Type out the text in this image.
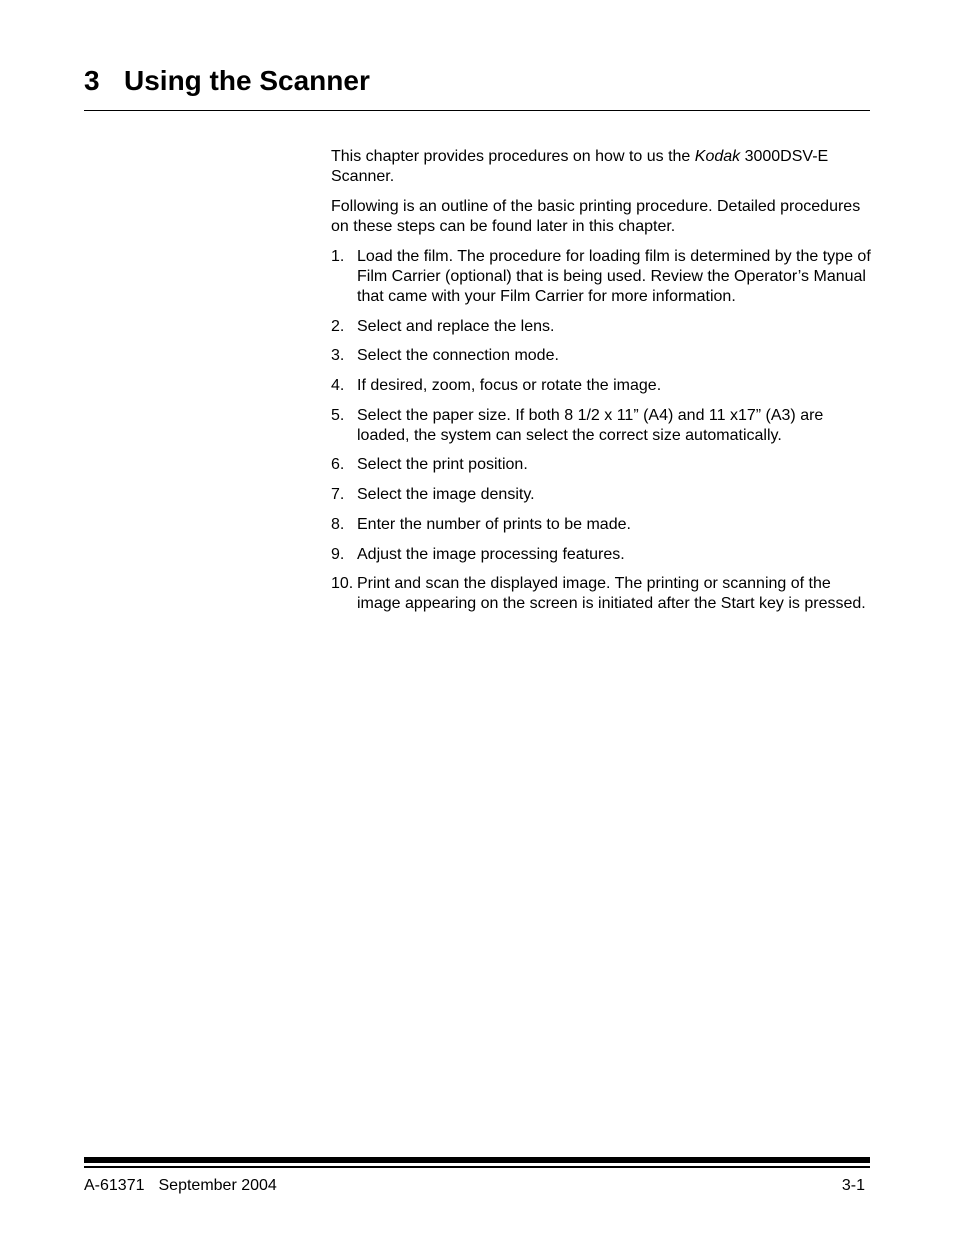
3 Using the Scanner

This chapter provides procedures on how to us the Kodak 3000DSV-E Scanner.

Following is an outline of the basic printing procedure. Detailed procedures on these steps can be found later in this chapter.

1. Load the film. The procedure for loading film is determined by the type of Film Carrier (optional) that is being used. Review the Operator’s Manual that came with your Film Carrier for more information.
2. Select and replace the lens.
3. Select the connection mode.
4. If desired, zoom, focus or rotate the image.
5. Select the paper size. If both 8 1/2 x 11” (A4) and 11 x17” (A3) are loaded, the system can select the correct size automatically.
6. Select the print position.
7. Select the image density.
8. Enter the number of prints to be made.
9. Adjust the image processing features.
10. Print and scan the displayed image. The printing or scanning of the image appearing on the screen is initiated after the Start key is pressed.
A-61371 September 2004	3-1
